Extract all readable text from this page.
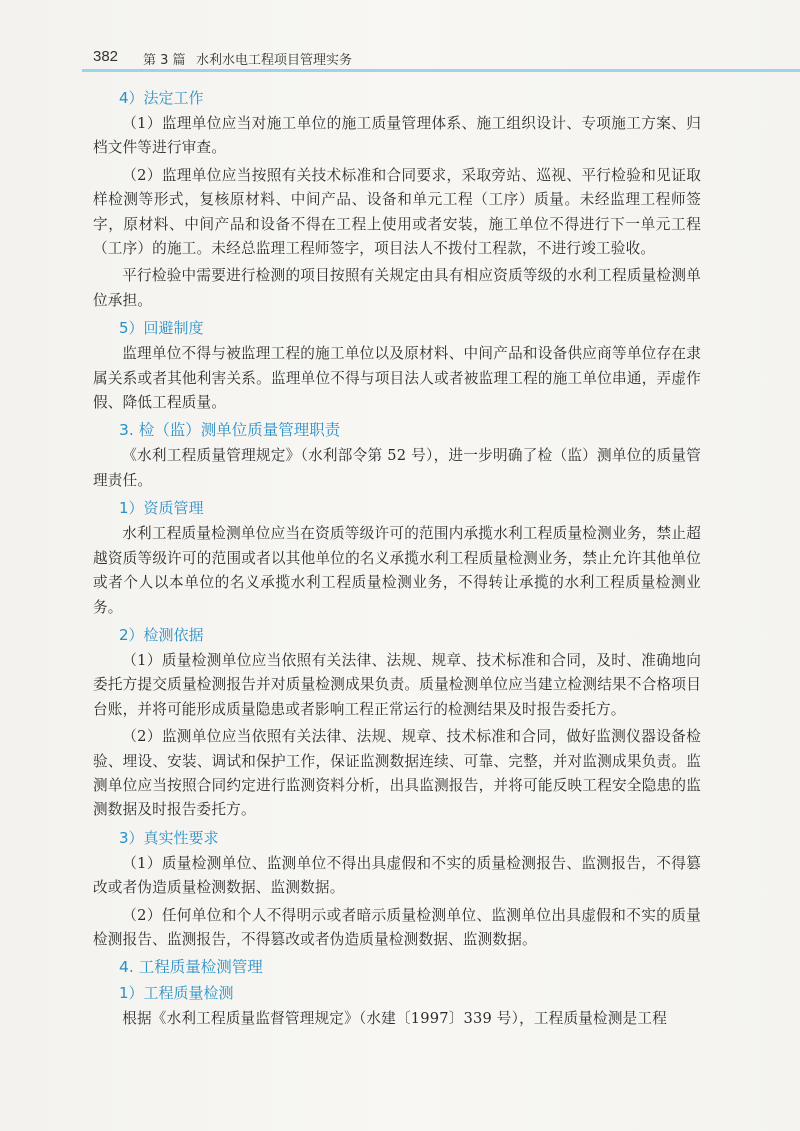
382 第 3 篇 水利水电工程项目管理实务
4）法定工作

（1）监理单位应当对施工单位的施工质量管理体系、施工组织设计、专项施工方案、归档文件等进行审查。

（2）监理单位应当按照有关技术标准和合同要求，采取旁站、巡视、平行检验和见证取样检测等形式，复核原材料、中间产品、设备和单元工程（工序）质量。未经监理工程师签字，原材料、中间产品和设备不得在工程上使用或者安装，施工单位不得进行下一单元工程（工序）的施工。未经总监理工程师签字，项目法人不拨付工程款，不进行竣工验收。

平行检验中需要进行检测的项目按照有关规定由具有相应资质等级的水利工程质量检测单位承担。

5）回避制度

监理单位不得与被监理工程的施工单位以及原材料、中间产品和设备供应商等单位存在隶属关系或者其他利害关系。监理单位不得与项目法人或者被监理工程的施工单位串通，弄虚作假、降低工程质量。

3. 检（监）测单位质量管理职责

《水利工程质量管理规定》（水利部令第 52 号），进一步明确了检（监）测单位的质量管理责任。

1）资质管理

水利工程质量检测单位应当在资质等级许可的范围内承揽水利工程质量检测业务，禁止超越资质等级许可的范围或者以其他单位的名义承揽水利工程质量检测业务，禁止允许其他单位或者个人以本单位的名义承揽水利工程质量检测业务，不得转让承揽的水利工程质量检测业务。

2）检测依据

（1）质量检测单位应当依照有关法律、法规、规章、技术标准和合同，及时、准确地向委托方提交质量检测报告并对质量检测成果负责。质量检测单位应当建立检测结果不合格项目台账，并将可能形成质量隐患或者影响工程正常运行的检测结果及时报告委托方。

（2）监测单位应当依照有关法律、法规、规章、技术标准和合同，做好监测仪器设备检验、埋设、安装、调试和保护工作，保证监测数据连续、可靠、完整，并对监测成果负责。监测单位应当按照合同约定进行监测资料分析，出具监测报告，并将可能反映工程安全隐患的监测数据及时报告委托方。

3）真实性要求

（1）质量检测单位、监测单位不得出具虚假和不实的质量检测报告、监测报告，不得篡改或者伪造质量检测数据、监测数据。

（2）任何单位和个人不得明示或者暗示质量检测单位、监测单位出具虚假和不实的质量检测报告、监测报告，不得篡改或者伪造质量检测数据、监测数据。

4. 工程质量检测管理
1）工程质量检测

根据《水利工程质量监督管理规定》（水建〔1997〕339 号），工程质量检测是工程
